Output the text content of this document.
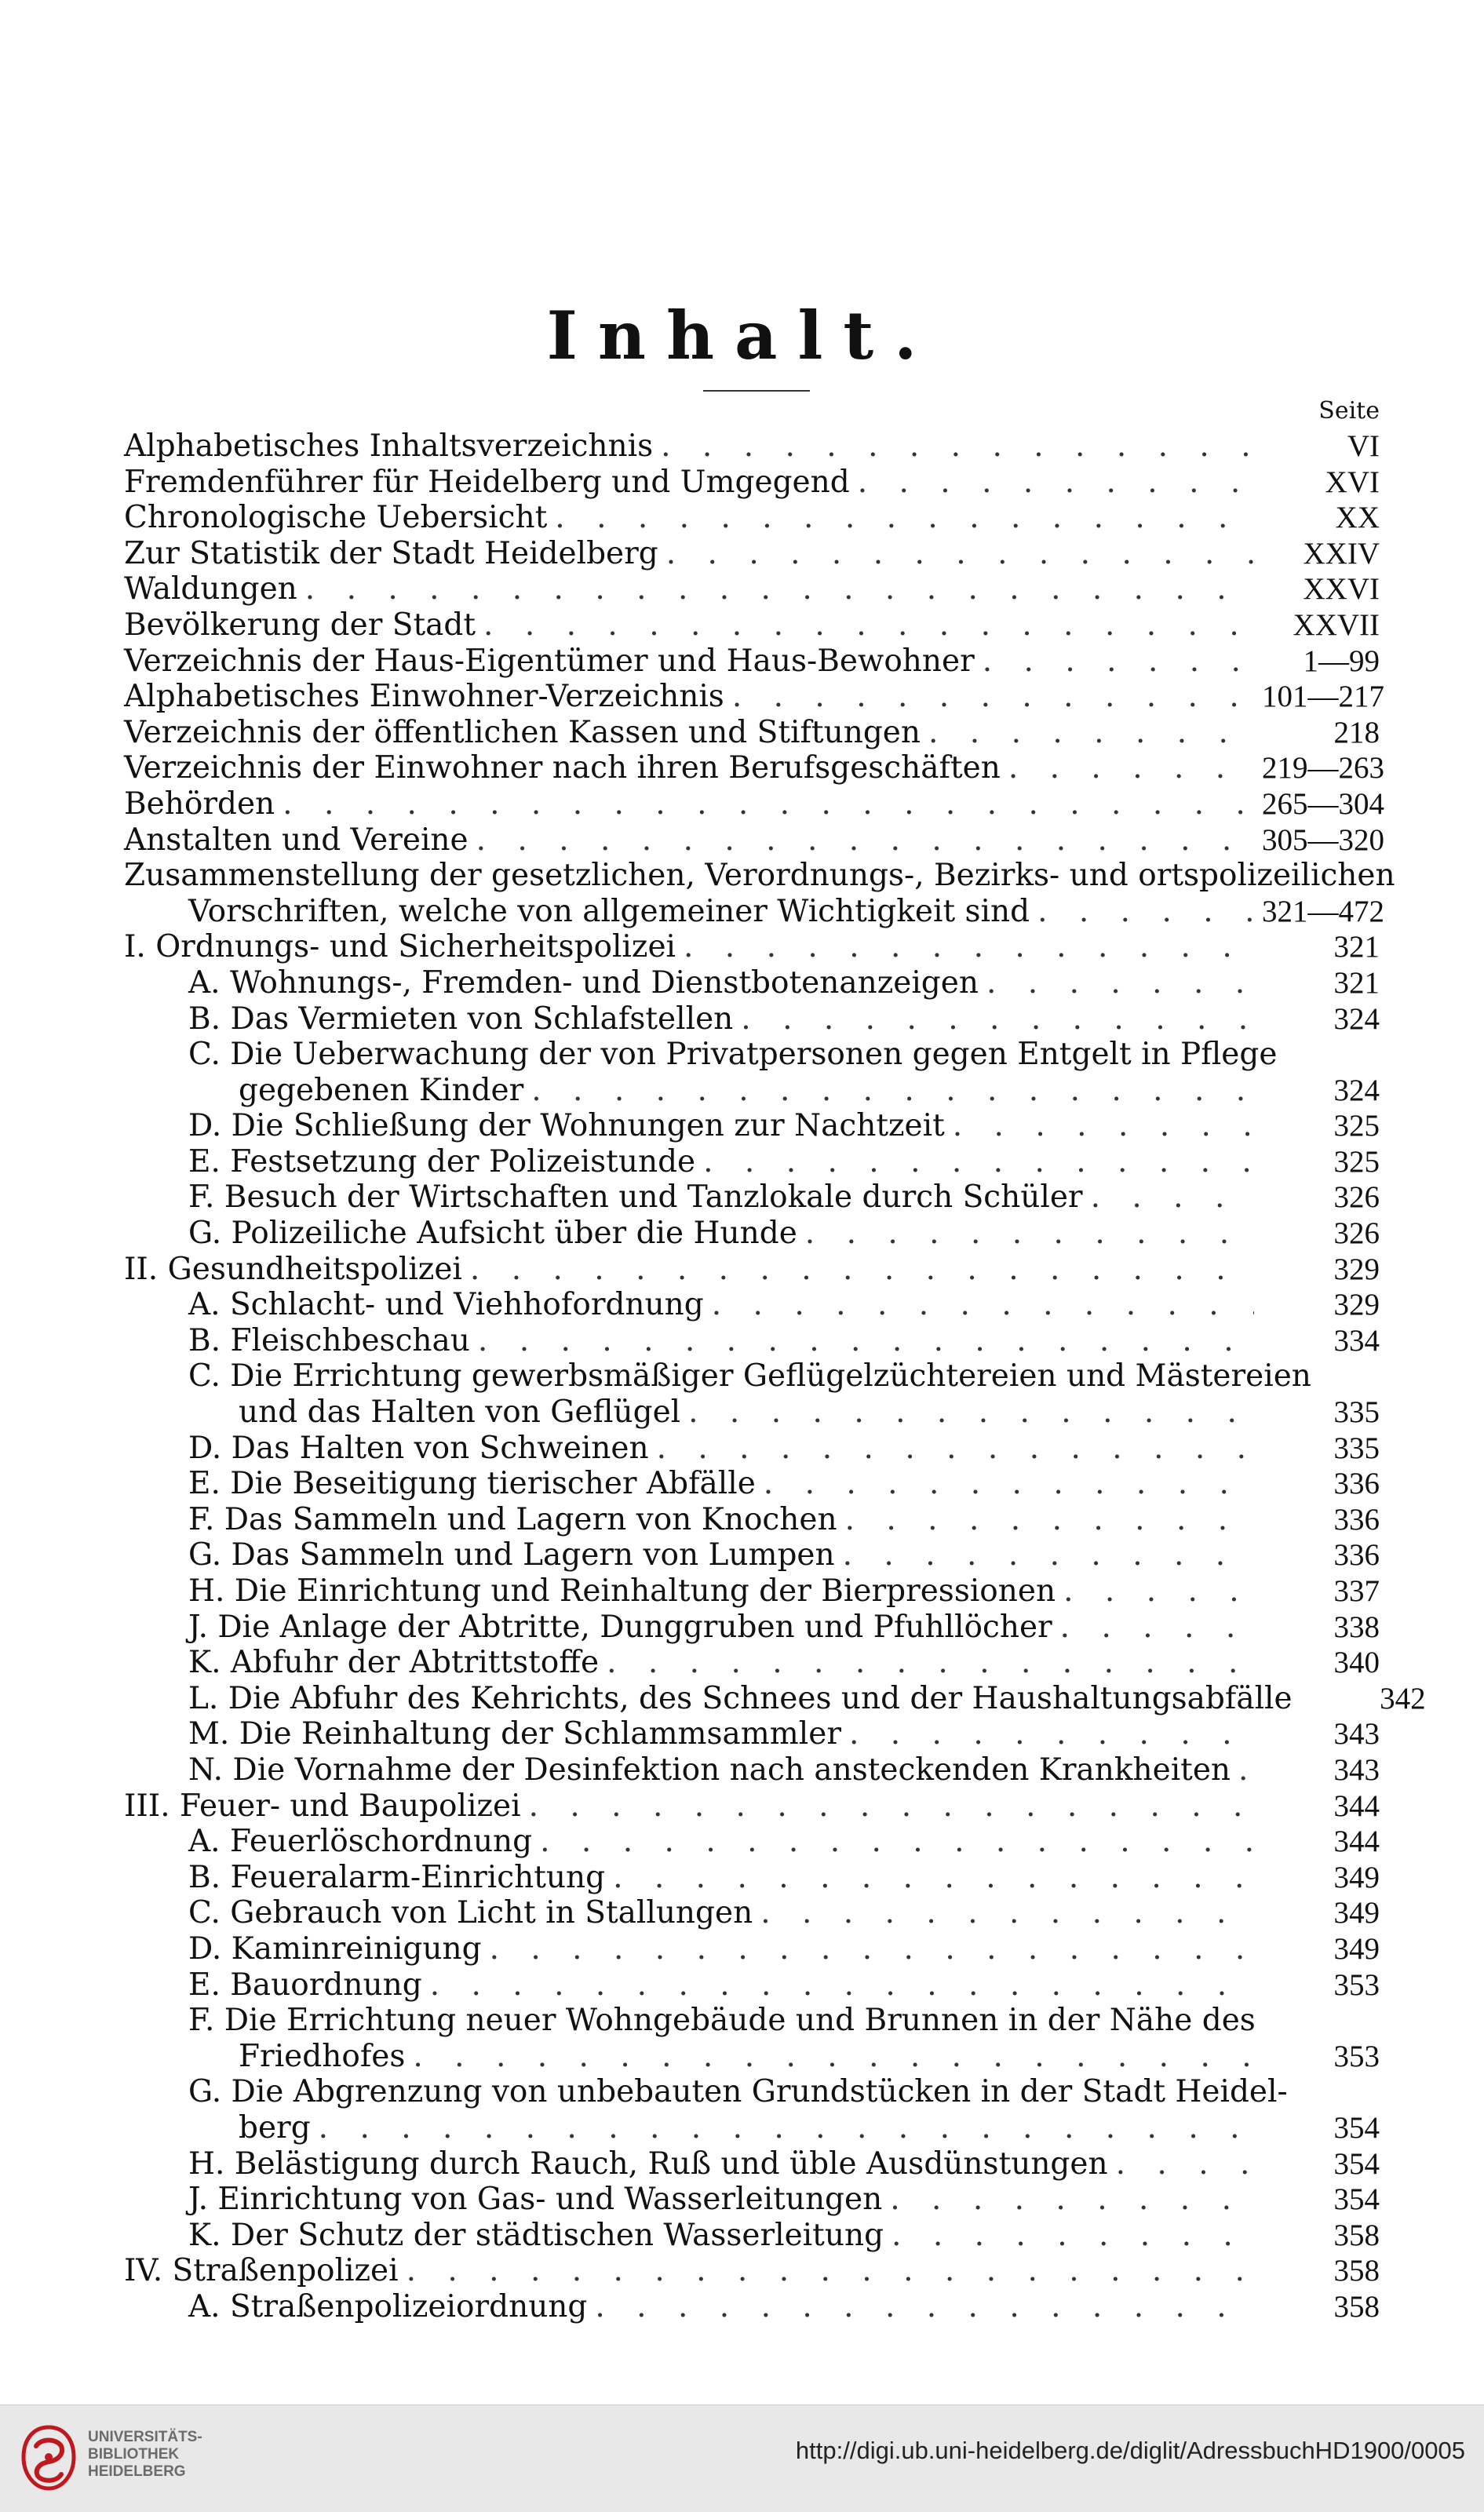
Inhalt.
Seite
Alphabetisches Inhaltsverzeichnis . . .	VI
Fremdenführer für Heidelberg und Umgegend . . .	XVI
Chronologische Uebersicht . . .	XX
Zur Statistik der Stadt Heidelberg . . .	XXIV
Waldungen . . .	XXVI
Bevölkerung der Stadt . . .	XXVII
Verzeichnis der Haus-Eigentümer und Haus-Bewohner . . .	1—99
Alphabetisches Einwohner-Verzeichnis . . .	101—217
Verzeichnis der öffentlichen Kassen und Stiftungen . . .	218
Verzeichnis der Einwohner nach ihren Berufsgeschäften . . .	219—263
Behörden . . .	265—304
Anstalten und Vereine . . .	305—320
Zusammenstellung der gesetzlichen, Verordnungs-, Bezirks- und ortspolizeilichen
Vorschriften, welche von allgemeiner Wichtigkeit sind . . .	321—472
I. Ordnungs- und Sicherheitspolizei . . .	321
A. Wohnungs-, Fremden- und Dienstbotenanzeigen . . .	321
B. Das Vermieten von Schlafstellen . . .	324
C. Die Ueberwachung der von Privatpersonen gegen Entgelt in Pflege
gegebenen Kinder . . .	324
D. Die Schließung der Wohnungen zur Nachtzeit . . .	325
E. Festsetzung der Polizeistunde . . .	325
F. Besuch der Wirtschaften und Tanzlokale durch Schüler . . .	326
G. Polizeiliche Aufsicht über die Hunde . . .	326
II. Gesundheitspolizei . . .	329
A. Schlacht- und Viehhofordnung . . .	329
B. Fleischbeschau . . .	334
C. Die Errichtung gewerbsmäßiger Geflügelzüchtereien und Mästereien
und das Halten von Geflügel . . .	335
D. Das Halten von Schweinen . . .	335
E. Die Beseitigung tierischer Abfälle . . .	336
F. Das Sammeln und Lagern von Knochen . . .	336
G. Das Sammeln und Lagern von Lumpen . . .	336
H. Die Einrichtung und Reinhaltung der Bierpressionen . . .	337
J. Die Anlage der Abtritte, Dunggruben und Pfuhllöcher . . .	338
K. Abfuhr der Abtrittstoffe . . .	340
L. Die Abfuhr des Kehrichts, des Schnees und der Haushaltungsabfälle	342
M. Die Reinhaltung der Schlammsammler . . .	343
N. Die Vornahme der Desinfektion nach ansteckenden Krankheiten . . .	343
III. Feuer- und Baupolizei . . .	344
A. Feuerlöschordnung . . .	344
B. Feueralarm-Einrichtung . . .	349
C. Gebrauch von Licht in Stallungen . . .	349
D. Kaminreinigung . . .	349
E. Bauordnung . . .	353
F. Die Errichtung neuer Wohngebäude und Brunnen in der Nähe des
Friedhofes . . .	353
G. Die Abgrenzung von unbebauten Grundstücken in der Stadt Heidel-
berg . . .	354
H. Belästigung durch Rauch, Ruß und üble Ausdünstungen . . .	354
J. Einrichtung von Gas- und Wasserleitungen . . .	354
K. Der Schutz der städtischen Wasserleitung . . .	358
IV. Straßenpolizei . . .	358
A. Straßenpolizeiordnung . . .	358
UNIVERSITÄTS-
BIBLIOTHEK
HEIDELBERG
http://digi.ub.uni-heidelberg.de/diglit/AdressbuchHD1900/0005
